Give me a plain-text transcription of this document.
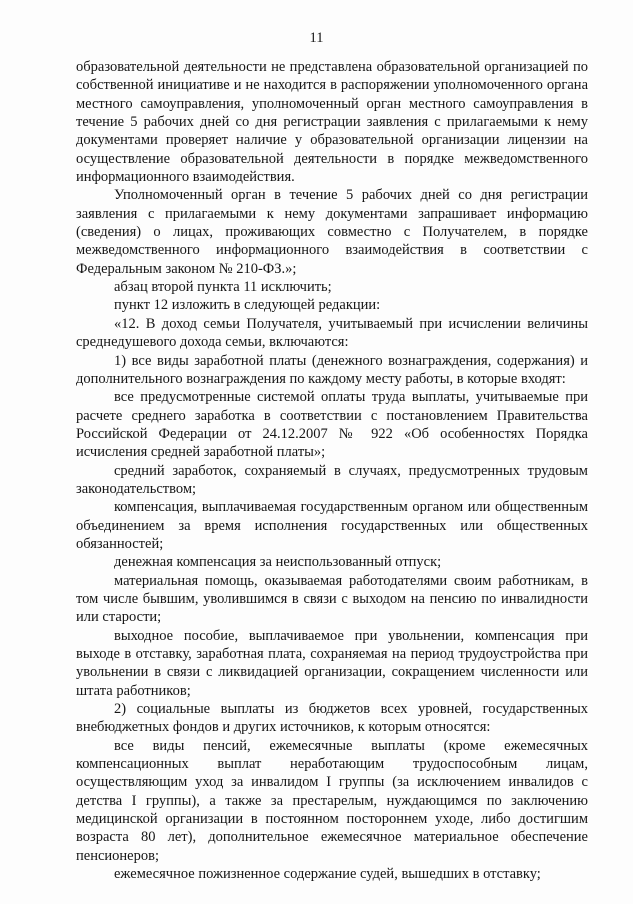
11

образовательной деятельности не представлена образовательной организацией по собственной инициативе и не находится в распоряжении уполномоченного органа местного самоуправления, уполномоченный орган местного самоуправления в течение 5 рабочих дней со дня регистрации заявления с прилагаемыми к нему документами проверяет наличие у образовательной организации лицензии на осуществление образовательной деятельности в порядке межведомственного информационного взаимодействия.

Уполномоченный орган в течение 5 рабочих дней со дня регистрации заявления с прилагаемыми к нему документами запрашивает информацию (сведения) о лицах, проживающих совместно с Получателем, в порядке межведомственного информационного взаимодействия в соответствии с Федеральным законом № 210-ФЗ.»;

абзац второй пункта 11 исключить;

пункт 12 изложить в следующей редакции:

«12. В доход семьи Получателя, учитываемый при исчислении величины среднедушевого дохода семьи, включаются:

1) все виды заработной платы (денежного вознаграждения, содержания) и дополнительного вознаграждения по каждому месту работы, в которые входят:

все предусмотренные системой оплаты труда выплаты, учитываемые при расчете среднего заработка в соответствии с постановлением Правительства Российской Федерации от 24.12.2007 № 922 «Об особенностях Порядка исчисления средней заработной платы»;

средний заработок, сохраняемый в случаях, предусмотренных трудовым законодательством;

компенсация, выплачиваемая государственным органом или общественным объединением за время исполнения государственных или общественных обязанностей;

денежная компенсация за неиспользованный отпуск;

материальная помощь, оказываемая работодателями своим работникам, в том числе бывшим, уволившимся в связи с выходом на пенсию по инвалидности или старости;

выходное пособие, выплачиваемое при увольнении, компенсация при выходе в отставку, заработная плата, сохраняемая на период трудоустройства при увольнении в связи с ликвидацией организации, сокращением численности или штата работников;

2) социальные выплаты из бюджетов всех уровней, государственных внебюджетных фондов и других источников, к которым относятся:

все виды пенсий, ежемесячные выплаты (кроме ежемесячных компенсационных выплат неработающим трудоспособным лицам, осуществляющим уход за инвалидом I группы (за исключением инвалидов с детства I группы), а также за престарелым, нуждающимся по заключению медицинской организации в постоянном постороннем уходе, либо достигшим возраста 80 лет), дополнительное ежемесячное материальное обеспечение пенсионеров;

ежемесячное пожизненное содержание судей, вышедших в отставку;
